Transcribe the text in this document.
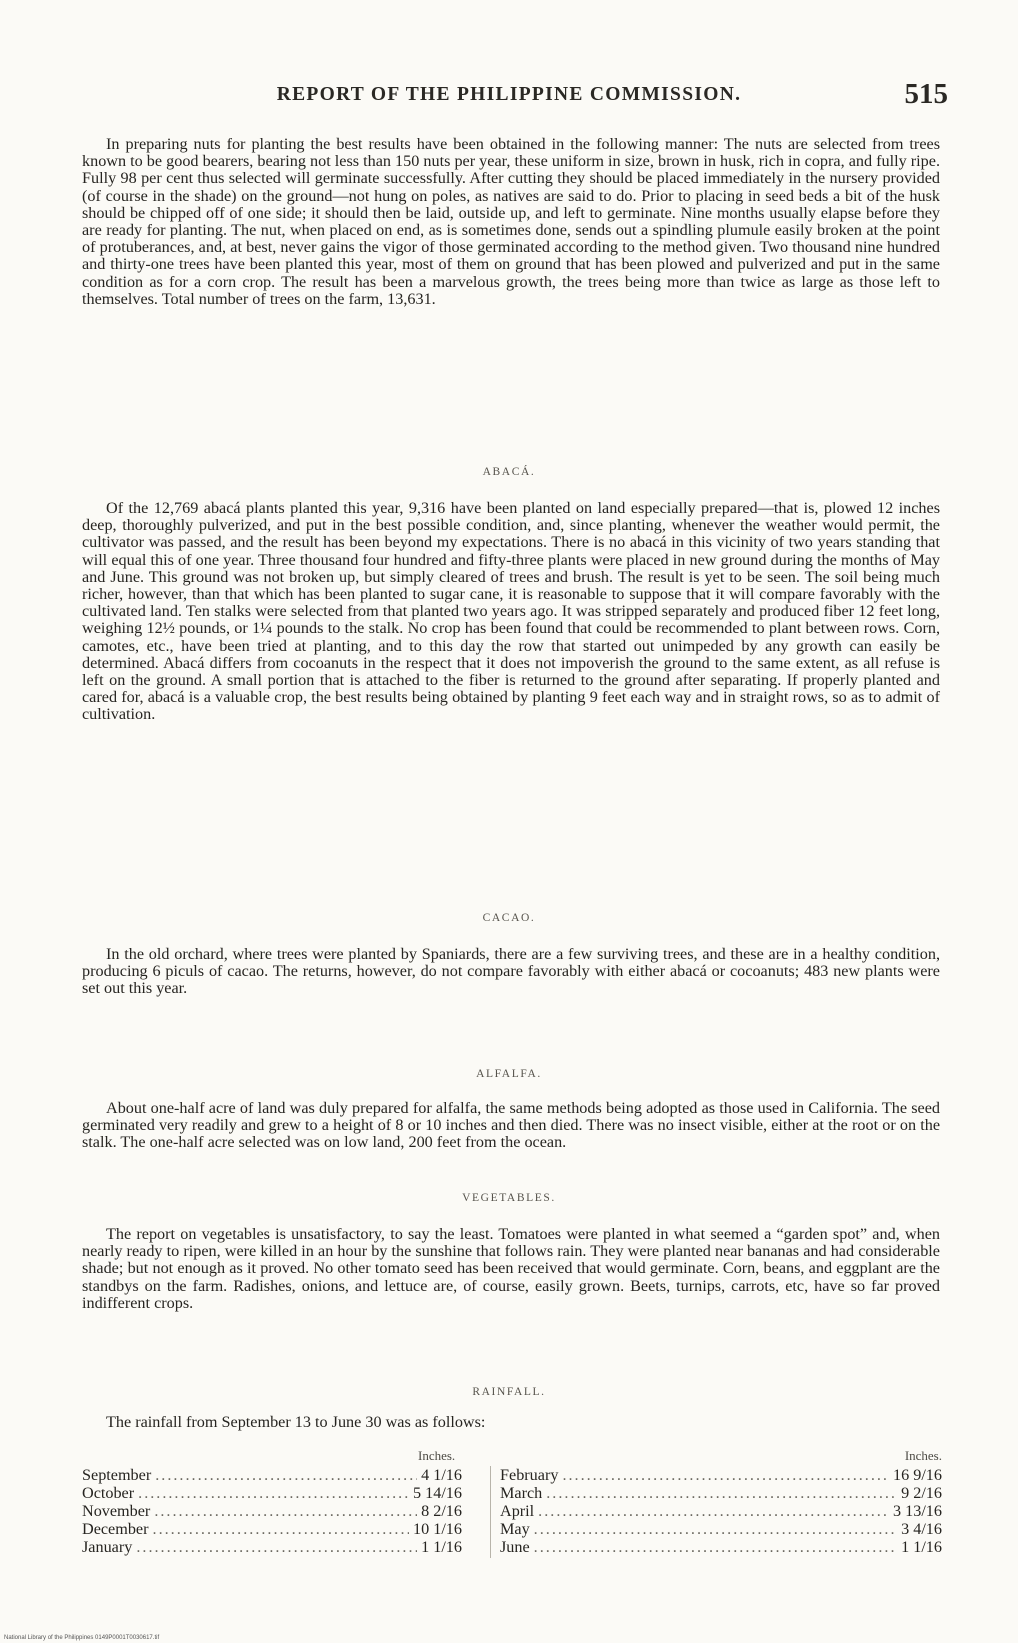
REPORT OF THE PHILIPPINE COMMISSION.	515

In preparing nuts for planting the best results have been obtained in the following manner: The nuts are selected from trees known to be good bearers, bearing not less than 150 nuts per year, these uniform in size, brown in husk, rich in copra, and fully ripe. Fully 98 per cent thus selected will germinate successfully. After cutting they should be placed immediately in the nursery provided (of course in the shade) on the ground—not hung on poles, as natives are said to do. Prior to placing in seed beds a bit of the husk should be chipped off of one side; it should then be laid, outside up, and left to germinate. Nine months usually elapse before they are ready for planting. The nut, when placed on end, as is sometimes done, sends out a spindling plumule easily broken at the point of protuberances, and, at best, never gains the vigor of those germinated according to the method given. Two thousand nine hundred and thirty-one trees have been planted this year, most of them on ground that has been plowed and pulverized and put in the same condition as for a corn crop. The result has been a marvelous growth, the trees being more than twice as large as those left to themselves. Total number of trees on the farm, 13,631.

ABACÁ.

Of the 12,769 abacá plants planted this year, 9,316 have been planted on land especially prepared—that is, plowed 12 inches deep, thoroughly pulverized, and put in the best possible condition, and, since planting, whenever the weather would permit, the cultivator was passed, and the result has been beyond my expectations. There is no abacá in this vicinity of two years standing that will equal this of one year. Three thousand four hundred and fifty-three plants were placed in new ground during the months of May and June. This ground was not broken up, but simply cleared of trees and brush. The result is yet to be seen. The soil being much richer, however, than that which has been planted to sugar cane, it is reasonable to suppose that it will compare favorably with the cultivated land. Ten stalks were selected from that planted two years ago. It was stripped separately and produced fiber 12 feet long, weighing 12½ pounds, or 1¼ pounds to the stalk. No crop has been found that could be recommended to plant between rows. Corn, camotes, etc., have been tried at planting, and to this day the row that started out unimpeded by any growth can easily be determined. Abacá differs from cocoanuts in the respect that it does not impoverish the ground to the same extent, as all refuse is left on the ground. A small portion that is attached to the fiber is returned to the ground after separating. If properly planted and cared for, abacá is a valuable crop, the best results being obtained by planting 9 feet each way and in straight rows, so as to admit of cultivation.

CACAO.

In the old orchard, where trees were planted by Spaniards, there are a few surviving trees, and these are in a healthy condition, producing 6 piculs of cacao. The returns, however, do not compare favorably with either abacá or cocoanuts; 483 new plants were set out this year.

ALFALFA.

About one-half acre of land was duly prepared for alfalfa, the same methods being adopted as those used in California. The seed germinated very readily and grew to a height of 8 or 10 inches and then died. There was no insect visible, either at the root or on the stalk. The one-half acre selected was on low land, 200 feet from the ocean.

VEGETABLES.

The report on vegetables is unsatisfactory, to say the least. Tomatoes were planted in what seemed a “garden spot” and, when nearly ready to ripen, were killed in an hour by the sunshine that follows rain. They were planted near bananas and had considerable shade; but not enough as it proved. No other tomato seed has been received that would germinate. Corn, beans, and eggplant are the standbys on the farm. Radishes, onions, and lettuce are, of course, easily grown. Beets, turnips, carrots, etc, have so far proved indifferent crops.

RAINFALL.

The rainfall from September 13 to June 30 was as follows:

Inches.	Inches.
September .....	4 1/16
October .....	5 14/16
November .....	8 2/16
December .....	10 1/16
January .....	1 1/16
February .....	16 9/16
March .....	9 2/16
April .....	3 13/16
May .....	3 4/16
June .....	1 1/16
National Library of the Philippines 0149P0001T0030617.tif
